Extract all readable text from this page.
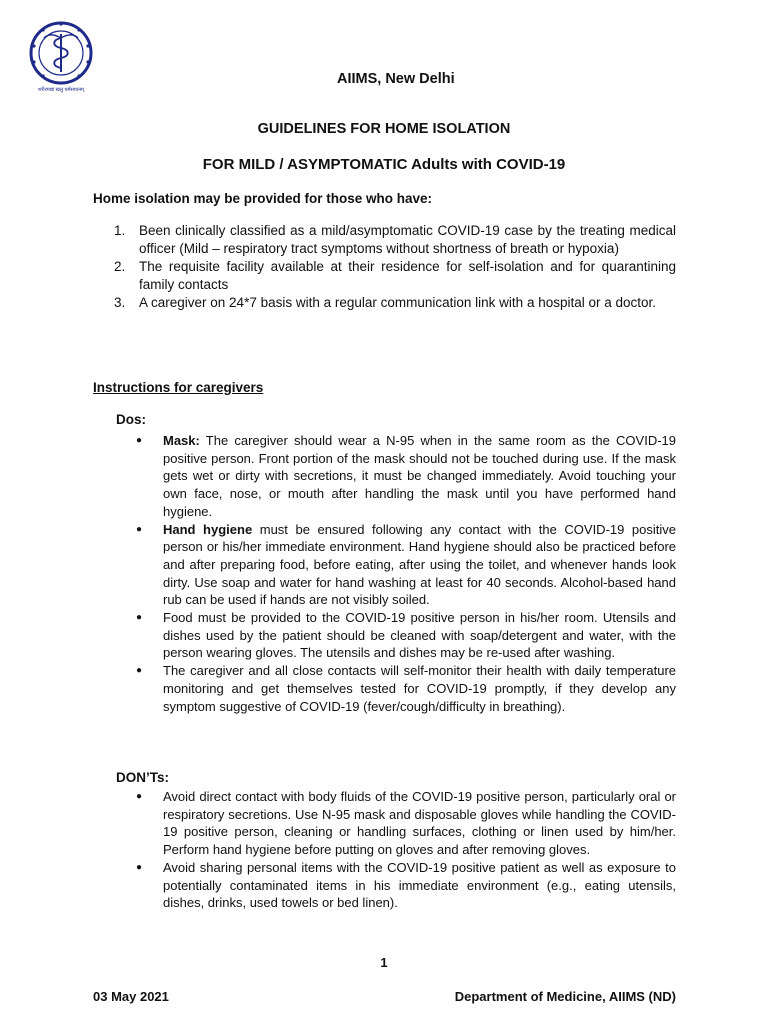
शरीरमाद्यं खलु धर्मसाधनम्
AIIMS, New Delhi
GUIDELINES FOR HOME ISOLATION
FOR MILD / ASYMPTOMATIC Adults with COVID-19
Home isolation may be provided for those who have:
1. Been clinically classified as a mild/asymptomatic COVID-19 case by the treating medical officer (Mild – respiratory tract symptoms without shortness of breath or hypoxia)
2. The requisite facility available at their residence for self-isolation and for quarantining family contacts
3. A caregiver on 24*7 basis with a regular communication link with a hospital or a doctor.
Instructions for caregivers
Dos:
● Mask: The caregiver should wear a N-95 when in the same room as the COVID-19 positive person. Front portion of the mask should not be touched during use. If the mask gets wet or dirty with secretions, it must be changed immediately. Avoid touching your own face, nose, or mouth after handling the mask until you have performed hand hygiene.
● Hand hygiene must be ensured following any contact with the COVID-19 positive person or his/her immediate environment. Hand hygiene should also be practiced before and after preparing food, before eating, after using the toilet, and whenever hands look dirty. Use soap and water for hand washing at least for 40 seconds. Alcohol-based hand rub can be used if hands are not visibly soiled.
● Food must be provided to the COVID-19 positive person in his/her room. Utensils and dishes used by the patient should be cleaned with soap/detergent and water, with the person wearing gloves. The utensils and dishes may be re-used after washing.
● The caregiver and all close contacts will self-monitor their health with daily temperature monitoring and get themselves tested for COVID-19 promptly, if they develop any symptom suggestive of COVID-19 (fever/cough/difficulty in breathing).
DON’Ts:
● Avoid direct contact with body fluids of the COVID-19 positive person, particularly oral or respiratory secretions. Use N-95 mask and disposable gloves while handling the COVID-19 positive person, cleaning or handling surfaces, clothing or linen used by him/her. Perform hand hygiene before putting on gloves and after removing gloves.
● Avoid sharing personal items with the COVID-19 positive patient as well as exposure to potentially contaminated items in his immediate environment (e.g., eating utensils, dishes, drinks, used towels or bed linen).
1
03 May 2021	Department of Medicine, AIIMS (ND)
